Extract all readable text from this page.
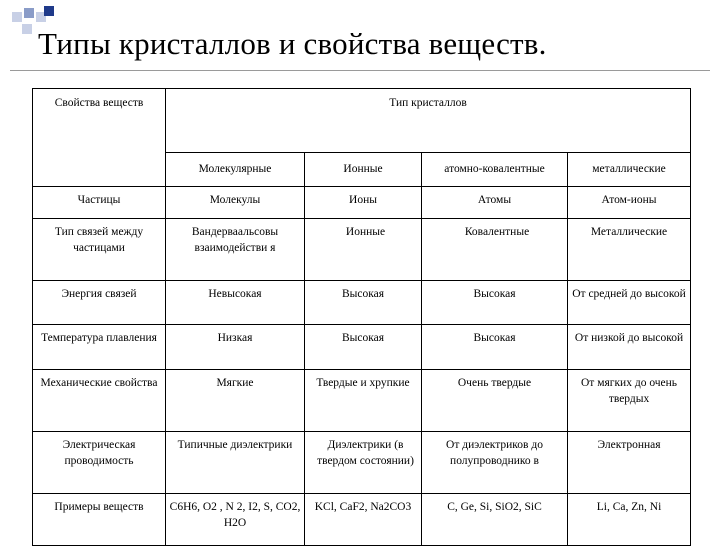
Типы кристаллов и свойства веществ.
Свойства веществ	Тип кристаллов			
	Молекулярные	Ионные	атомно-ковалентные	металлические
Частицы	Молекулы	Ионы	Атомы	Атом-ионы
Тип связей между частицами	Вандерваальсовы взаимодействи я	Ионные	Ковалентные	Металлические
Энергия связей	Невысокая	Высокая	Высокая	От средней до высокой
Температура плавления	Низкая	Высокая	Высокая	От низкой до высокой
Механические свойства	Мягкие	Твердые и хрупкие	Очень твердые	От мягких до очень твердых
Электрическая проводимость	Типичные диэлектрики	Диэлектрики (в твердом состоянии)	От диэлектриков до полупроводнико в	Электронная
Примеры веществ	C6H6, O2 , N 2, I2, S, CO2, H2O	KCl, CaF2, Na2CO3	C, Ge, Si, SiO2, SiC	Li, Ca, Zn, Ni
